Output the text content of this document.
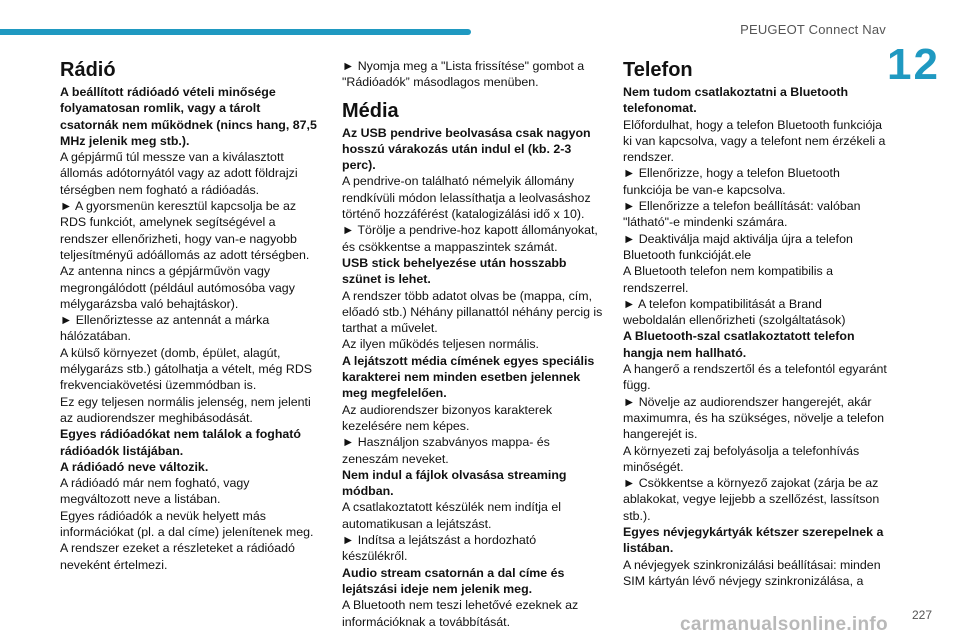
PEUGEOT Connect Nav
12
Rádió

A beállított rádióadó vételi minősége folyamatosan romlik, vagy a tárolt csatornák nem működnek (nincs hang, 87,5 MHz jelenik meg stb.).

A gépjármű túl messze van a kiválasztott állomás adótornyától vagy az adott földrajzi térségben nem fogható a rádióadás.

► A gyorsmenün keresztül kapcsolja be az RDS funkciót, amelynek segítségével a rendszer ellenőrizheti, hogy van-e nagyobb teljesítményű adóállomás az adott térségben.

Az antenna nincs a gépjárművön vagy megrongálódott (például autómosóba vagy mélygarázsba való behajtáskor).

► Ellenőriztesse az antennát a márka hálózatában.

A külső környezet (domb, épület, alagút, mélygarázs stb.) gátolhatja a vételt, még RDS frekvenciakövetési üzemmódban is.

Ez egy teljesen normális jelenség, nem jelenti az audiorendszer meghibásodását.

Egyes rádióadókat nem találok a fogható rádióadók listájában.

A rádióadó neve változik.

A rádióadó már nem fogható, vagy megváltozott neve a listában.

Egyes rádióadók a nevük helyett más információkat (pl. a dal címe) jelenítenek meg.

A rendszer ezeket a részleteket a rádióadó neveként értelmezi.

► Nyomja meg a "Lista frissítése" gombot a "Rádióadók” másodlagos menüben.

Média

Az USB pendrive beolvasása csak nagyon hosszú várakozás után indul el (kb. 2-3 perc).

A pendrive-on található némelyik állomány rendkívüli módon lelassíthatja a leolvasáshoz történő hozzáférést (katalogizálási idő x 10).

► Törölje a pendrive-hoz kapott állományokat, és csökkentse a mappaszintek számát.

USB stick behelyezése után hosszabb szünet is lehet.

A rendszer több adatot olvas be (mappa, cím, előadó stb.) Néhány pillanattól néhány percig is tarthat a művelet.

Az ilyen működés teljesen normális.

A lejátszott média címének egyes speciális karakterei nem minden esetben jelennek meg megfelelően.

Az audiorendszer bizonyos karakterek kezelésére nem képes.

► Használjon szabványos mappa- és zeneszám neveket.

Nem indul a fájlok olvasása streaming módban.

A csatlakoztatott készülék nem indítja el automatikusan a lejátszást.

► Indítsa a lejátszást a hordozható készülékről.

Audio stream csatornán a dal címe és lejátszási ideje nem jelenik meg.

A Bluetooth nem teszi lehetővé ezeknek az információknak a továbbítását.

Telefon

Nem tudom csatlakoztatni a Bluetooth telefonomat.

Előfordulhat, hogy a telefon Bluetooth funkciója ki van kapcsolva, vagy a telefont nem érzékeli a rendszer.

► Ellenőrizze, hogy a telefon Bluetooth funkciója be van-e kapcsolva.

► Ellenőrizze a telefon beállítását: valóban "látható"-e mindenki számára.

► Deaktiválja majd aktiválja újra a telefon Bluetooth funkcióját.ele

A Bluetooth telefon nem kompatibilis a rendszerrel.

► A telefon kompatibilitását a Brand weboldalán ellenőrizheti (szolgáltatások)

A Bluetooth-szal csatlakoztatott telefon hangja nem hallható.

A hangerő a rendszertől és a telefontól egyaránt függ.

► Növelje az audiorendszer hangerejét, akár maximumra, és ha szükséges, növelje a telefon hangerejét is.

A környezeti zaj befolyásolja a telefonhívás minőségét.

► Csökkentse a környező zajokat (zárja be az ablakokat, vegye lejjebb a szellőzést, lassítson stb.).

Egyes névjegykártyák kétszer szerepelnek a listában.

A névjegyek szinkronizálási beállításai: minden SIM kártyán lévő névjegy szinkronizálása, a

227
carmanualsonline.info
